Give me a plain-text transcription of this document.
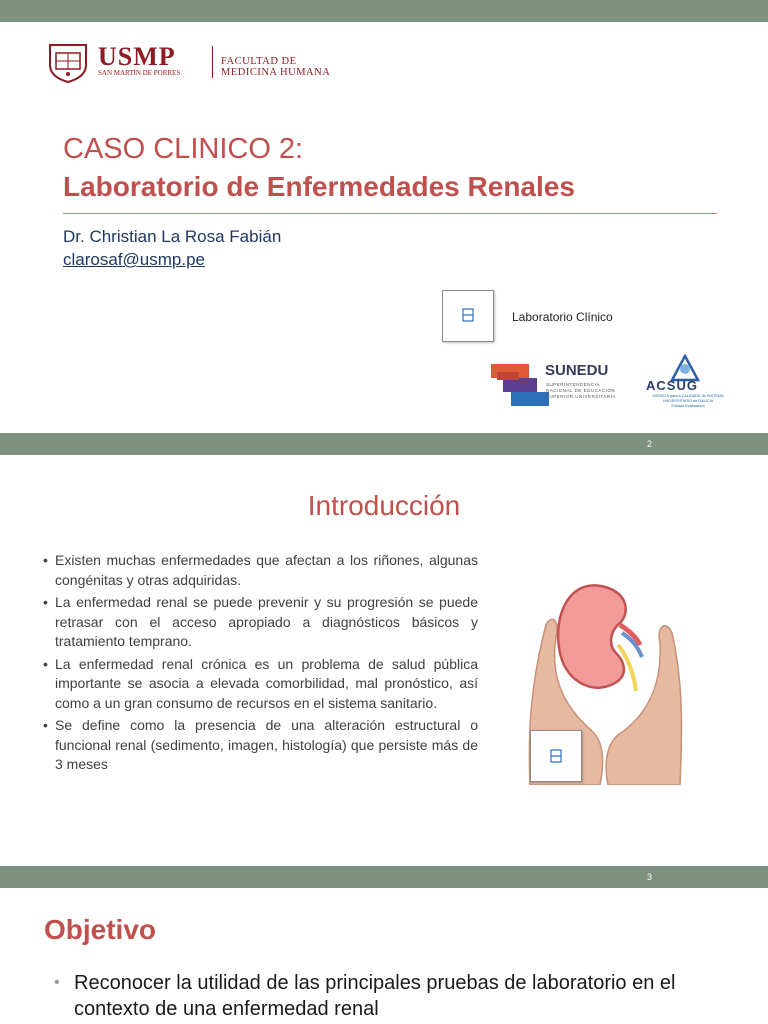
USMP
SAN MARTÍN DE PORRES
FACULTAD DE
MEDICINA HUMANA
CASO CLINICO 2:
Laboratorio de Enfermedades Renales
Dr. Christian La Rosa Fabián
clarosaf@usmp.pe
Laboratorio Clínico
SUNEDU
SUPERINTENDENCIA
NACIONAL DE EDUCACIÓN
SUPERIOR UNIVERSITARIA
ACSUG
AXENCIA para a CALIDADE do SISTEMA
UNIVERSITARIO de GALICIA
Entidad Evaluadora
2
Introducción
• Existen muchas enfermedades que afectan a los riñones, algunas congénitas y otras adquiridas.
• La enfermedad renal se puede prevenir y su progresión se puede retrasar con el acceso apropiado a diagnósticos básicos y tratamiento temprano.
• La enfermedad renal crónica es un problema de salud pública importante se asocia a elevada comorbilidad, mal pronóstico, así como a un gran consumo de recursos en el sistema sanitario.
• Se define como la presencia de una alteración estructural o funcional renal (sedimento, imagen, histología) que persiste más de 3 meses
3
Objetivo
• Reconocer la utilidad de las principales pruebas de laboratorio en el contexto de una enfermedad renal
